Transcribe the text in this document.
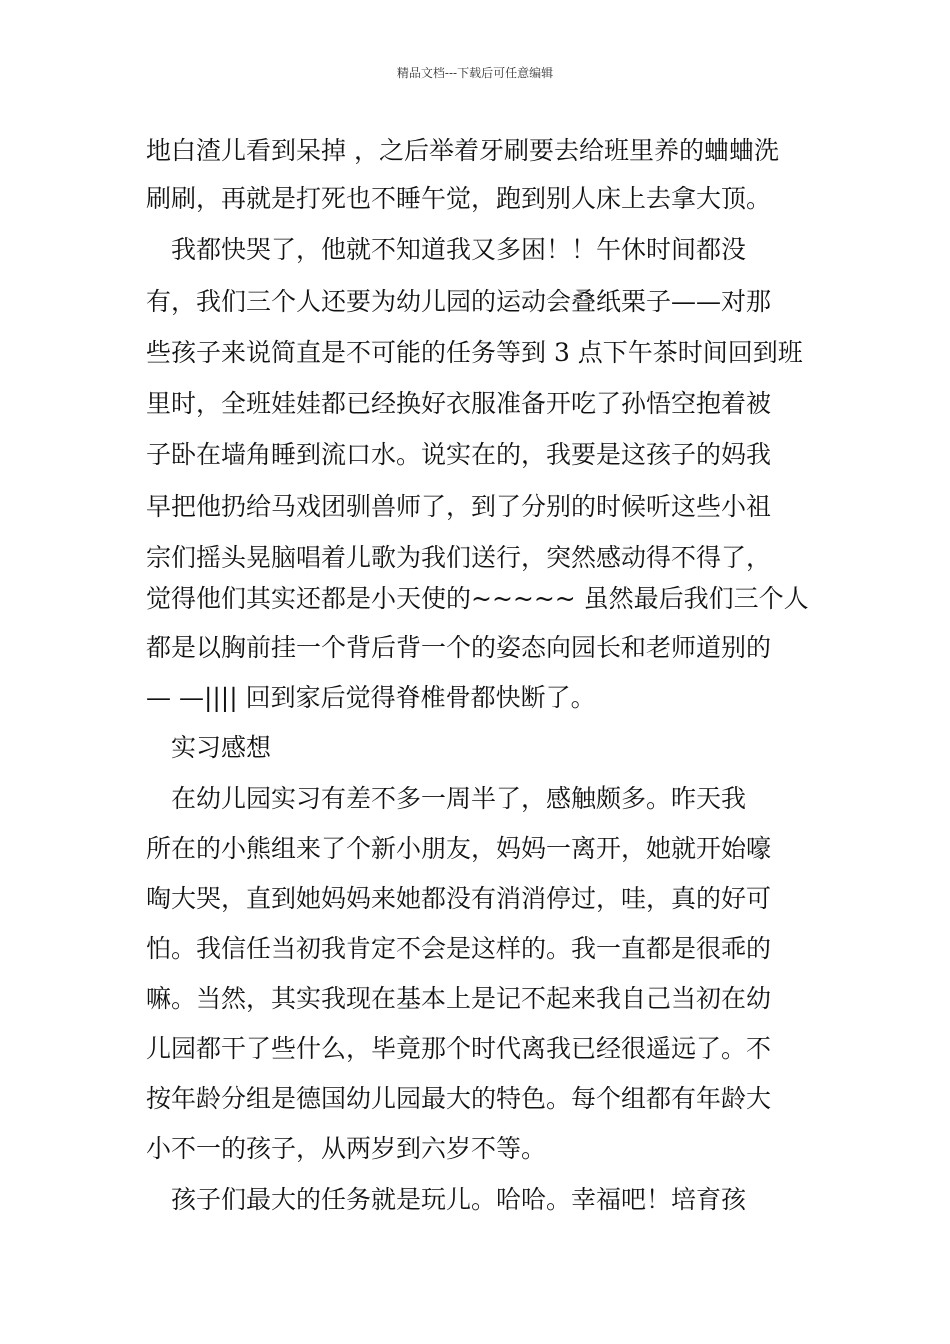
精品文档---下载后可任意编辑
地白渣儿看到呆掉 ，之后举着牙刷要去给班里养的蛐蛐洗
刷刷，再就是打死也不睡午觉，跑到别人床上去拿大顶。
　我都快哭了，他就不知道我又多困！！午休时间都没
有，我们三个人还要为幼儿园的运动会叠纸栗子——对那
些孩子来说简直是不可能的任务等到 3 点下午茶时间回到班
里时，全班娃娃都已经换好衣服准备开吃了孙悟空抱着被
子卧在墙角睡到流口水。说实在的，我要是这孩子的妈我
早把他扔给马戏团驯兽师了，到了分别的时候听这些小祖
宗们摇头晃脑唱着儿歌为我们送行，突然感动得不得了，
觉得他们其实还都是小天使的~~~~~ 虽然最后我们三个人
都是以胸前挂一个背后背一个的姿态向园长和老师道别的
— —|||| 回到家后觉得脊椎骨都快断了。
　实习感想
　在幼儿园实习有差不多一周半了，感触颇多。昨天我
所在的小熊组来了个新小朋友，妈妈一离开，她就开始嚎
啕大哭，直到她妈妈来她都没有消消停过，哇，真的好可
怕。我信任当初我肯定不会是这样的。我一直都是很乖的
嘛。当然，其实我现在基本上是记不起来我自己当初在幼
儿园都干了些什么，毕竟那个时代离我已经很遥远了。不
按年龄分组是德国幼儿园最大的特色。每个组都有年龄大
小不一的孩子，从两岁到六岁不等。
　孩子们最大的任务就是玩儿。哈哈。幸福吧！培育孩
